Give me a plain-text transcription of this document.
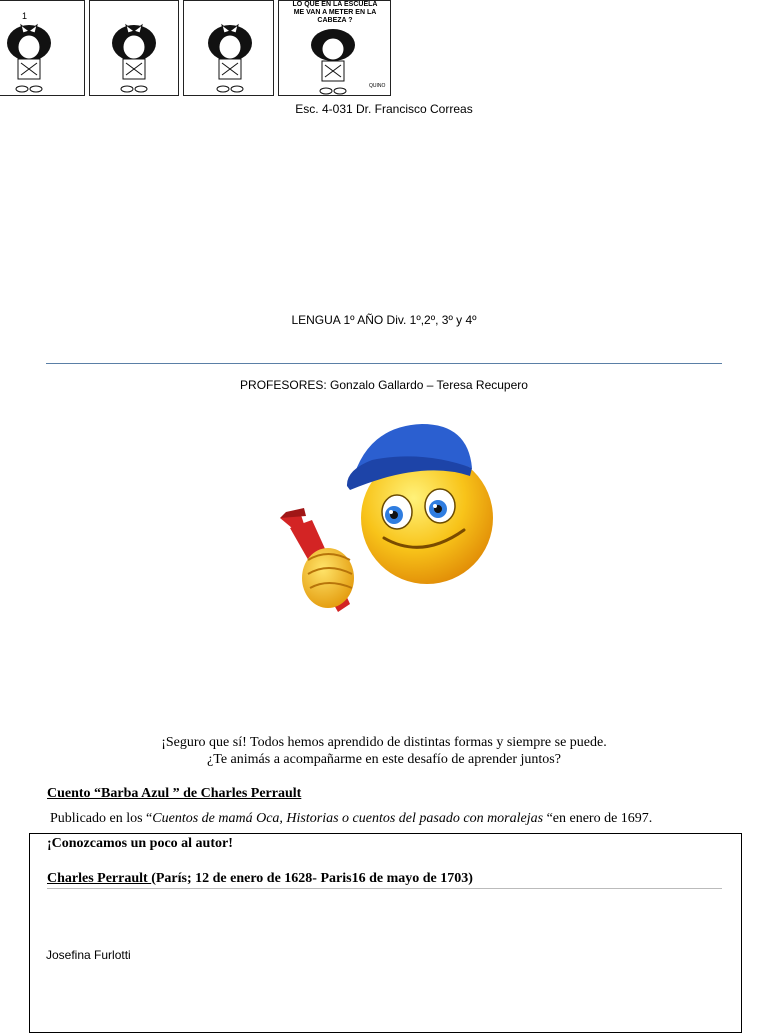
1
LO QUE EN LA ESCUELA
ME VAN A METER EN LA
CABEZA ?
QUINO
Esc. 4-031 Dr. Francisco Correas
LENGUA 1º AÑO Div. 1º,2º, 3º y 4º
PROFESORES: Gonzalo Gallardo – Teresa Recupero
¡Seguro que sí! Todos hemos aprendido de distintas formas y siempre se puede.
¿Te animás a acompañarme en este desafío de aprender juntos?
Cuento “Barba Azul ” de Charles Perrault
Publicado en los “Cuentos de mamá Oca, Historias o cuentos del pasado con moralejas “en enero de 1697.
¡Conozcamos un poco al autor!
Charles Perrault (París; 12 de enero de 1628- Paris16 de mayo de 1703)
Josefina Furlotti
